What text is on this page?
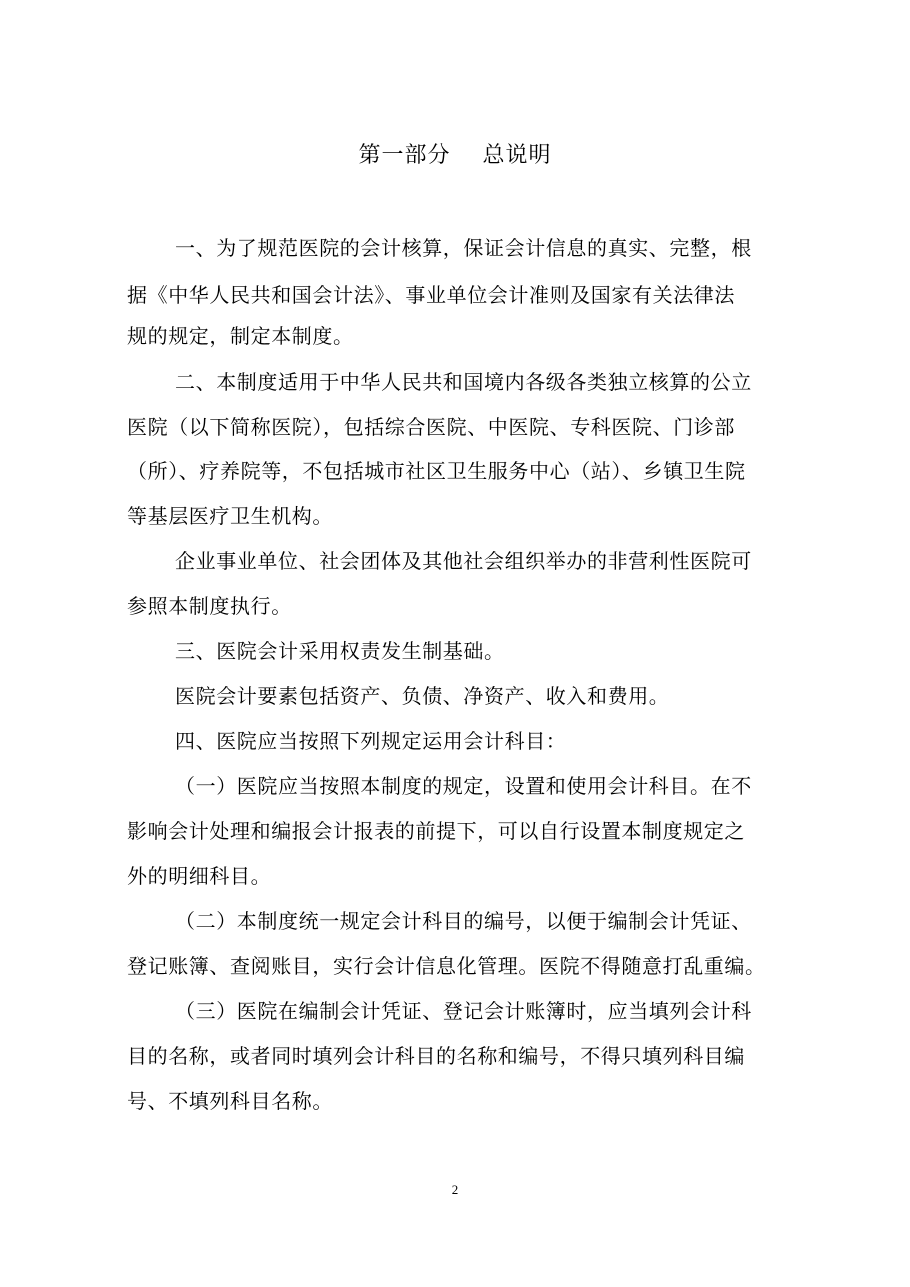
第一部分    总说明
一、为了规范医院的会计核算，保证会计信息的真实、完整，根
据《中华人民共和国会计法》、事业单位会计准则及国家有关法律法
规的规定，制定本制度。
二、本制度适用于中华人民共和国境内各级各类独立核算的公立
医院（以下简称医院），包括综合医院、中医院、专科医院、门诊部
（所）、疗养院等，不包括城市社区卫生服务中心（站）、乡镇卫生院
等基层医疗卫生机构。
企业事业单位、社会团体及其他社会组织举办的非营利性医院可
参照本制度执行。
三、医院会计采用权责发生制基础。
医院会计要素包括资产、负债、净资产、收入和费用。
四、医院应当按照下列规定运用会计科目：
（一）医院应当按照本制度的规定，设置和使用会计科目。在不
影响会计处理和编报会计报表的前提下，可以自行设置本制度规定之
外的明细科目。
（二）本制度统一规定会计科目的编号，以便于编制会计凭证、
登记账簿、查阅账目，实行会计信息化管理。医院不得随意打乱重编。
（三）医院在编制会计凭证、登记会计账簿时，应当填列会计科
目的名称，或者同时填列会计科目的名称和编号，不得只填列科目编
号、不填列科目名称。
2
